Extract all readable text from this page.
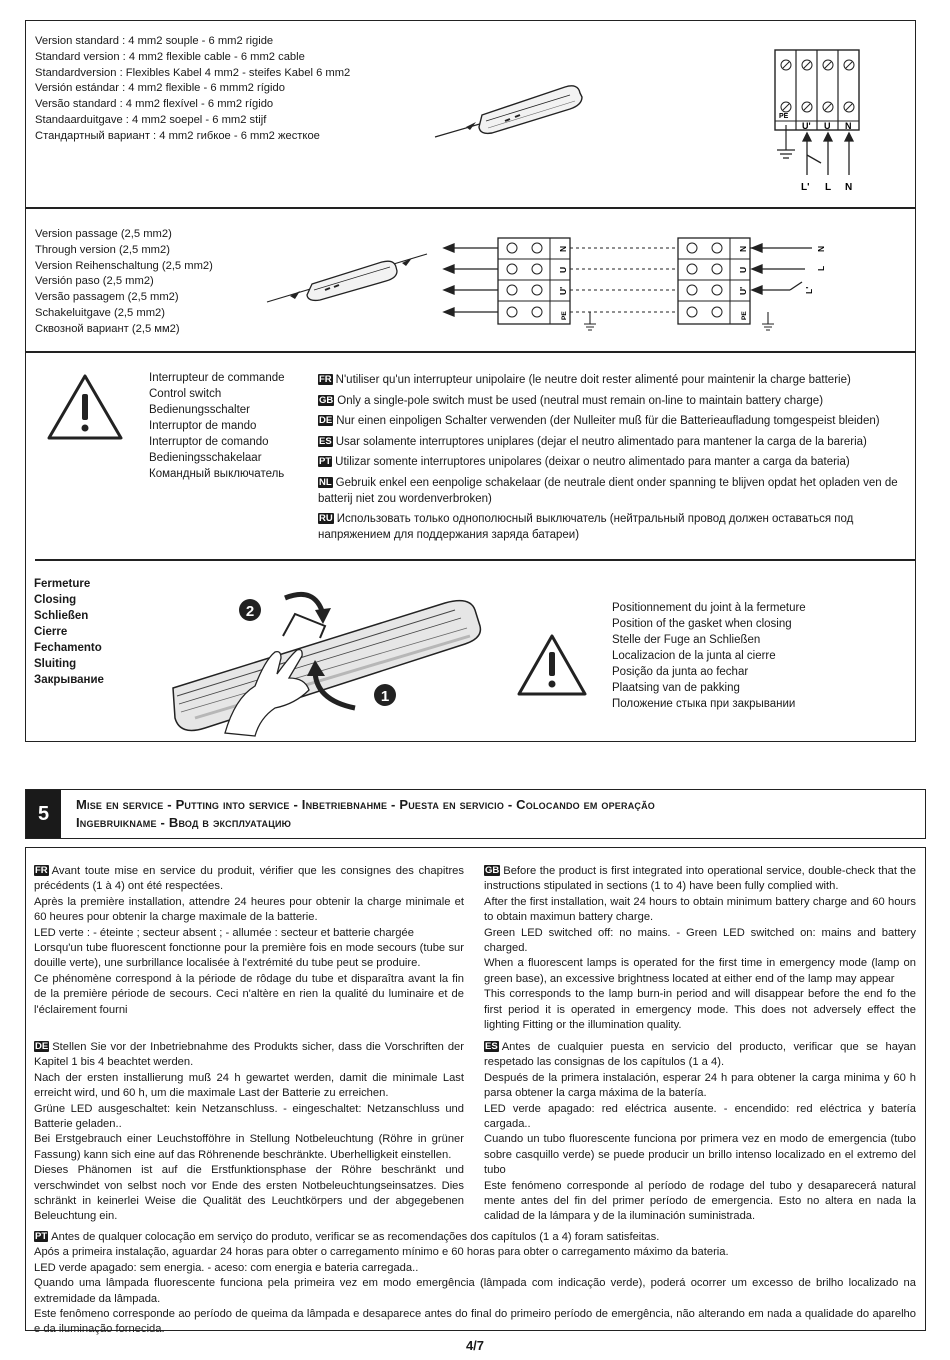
Version standard : 4 mm2 souple - 6 mm2 rigide
Standard version : 4 mm2 flexible cable - 6 mm2 cable
Standardversion : Flexibles Kabel 4 mm2 - steifes Kabel 6 mm2
Versión estándar : 4 mm2 flexible - 6 mmm2 rígido
Versão standard : 4 mm2 flexível - 6 mm2 rígido
Standaarduitgave : 4 mm2 soepel - 6 mm2 stijf
Стандартный вариант : 4 mm2 гибкое - 6 mm2 жесткое
PE
U' U N
L' L N
Version passage (2,5 mm2)
Through version (2,5 mm2)
Version Reihenschaltung (2,5 mm2)
Versión paso (2,5 mm2)
Versão passagem (2,5 mm2)
Schakeluitgave (2,5 mm2)
Сквозной вариант (2,5 мм2)
N
U
U'
PE
N
U
U'
PE
N
L
L'
Interrupteur de commande
Control switch
Bedienungsschalter
Interruptor de mando
Interruptor de comando
Bedieningsschakelaar
Командный выключатель
FR N'utiliser qu'un interrupteur unipolaire (le neutre doit rester alimenté pour maintenir la charge batterie)
GB Only a single-pole switch must be used (neutral must remain on-line to maintain battery charge)
DE Nur einen einpoligen Schalter verwenden (der Nulleiter muß für die Batterieaufladung tomgespeist bleiden)
ES Usar solamente interruptores uniplares (dejar el neutro alimentado para mantener la carga de la bareria)
PT Utilizar somente interruptores unipolares (deixar o neutro alimentado para manter a carga da bateria)
NL Gebruik enkel een eenpolige schakelaar (de neutrale dient onder spanning te blijven opdat het opladen ven de batterij niet zou wordenverbroken)
RU Использовать только однополюсный выключатель (нейтральный провод должен оставаться под напряжением для поддержания заряда батареи)
Fermeture
Closing
Schließen
Cierre
Fechamento
Sluiting
Закрывание
2
1
Positionnement du joint à la fermeture
Position of the gasket when closing
Stelle der Fuge an Schließen
Localizacion de la junta al cierre
Posição da junta ao fechar
Plaatsing van de pakking
Положение стыка при закрывании
5	Mise en service - Putting into service - Inbetriebnahme - Puesta en servicio - Colocando em operação
Ingebruikname - Ввод в эксплуатацию

FR Avant toute mise en service du produit, vérifier que les consignes des chapitres précédents (1 à 4) ont été respectées.

Après la première installation, attendre 24 heures pour obtenir la charge minimale et 60 heures pour obtenir la charge maximale de la batterie.

LED verte : - éteinte ; secteur absent ; - allumée : secteur et batterie chargée

Lorsqu'un tube fluorescent fonctionne pour la première fois en mode secours (tube sur douille verte), une surbrillance localisée à l'extrémité du tube peut se produire.

Ce phénomène correspond à la période de rôdage du tube et disparaîtra avant la fin de la première période de secours. Ceci n'altère en rien la qualité du luminaire et de l'éclairement fourni

GB Before the product is first integrated into operational service, double-check that the instructions stipulated in sections (1 to 4) have been fully complied with.

After the first installation, wait 24 hours to obtain minimum battery charge and 60 hours to obtain maximun battery charge.

Green LED switched off: no mains. - Green LED switched on: mains and battery charged.

When a fluorescent lamps is operated for the first time in emergency mode (lamp on green base), an excessive brightness located at either end of the lamp may appear

This corresponds to the lamp burn-in period and will disappear before the end fo the first period it is operated in emergency mode. This does not adversely effect the lighting Fitting or the illumination quality.

DE Stellen Sie vor der Inbetriebnahme des Produkts sicher, dass die Vorschriften der Kapitel 1 bis 4 beachtet werden.

Nach der ersten installierung muß 24 h gewartet werden, damit die minimale Last erreicht wird, und 60 h, um die maximale Last der Batterie zu erreichen.

Grüne LED ausgeschaltet: kein Netzanschluss. - eingeschaltet: Netzanschluss und Batterie geladen..

Bei Erstgebrauch einer Leuchstofföhre in Stellung Notbeleuchtung (Röhre in grüner Fassung) kann sich eine auf das Röhrenende beschränkte. Uberhelligkeit einstellen.

Dieses Phänomen ist auf die Erstfunktionsphase der Röhre beschränkt und verschwindet von selbst noch vor Ende des ersten Notbeleuchtungseinsatzes. Dies schränkt in keinerlei Weise die Qualität des Leuchtkörpers und der abgegebenen Beleuchtung ein.

ES Antes de cualquier puesta en servicio del producto, verificar que se hayan respetado las consignas de los capítulos (1 a 4).

Después de la primera instalación, esperar 24 h para obtener la carga minima y 60 h parsa obtener la carga máxima de la batería.

LED verde apagado: red eléctrica ausente. - encendido: red eléctrica y batería cargada..

Cuando un tubo fluorescente funciona por primera vez en modo de emergencia (tubo sobre casquillo verde) se puede producir un brillo intenso localizado en el extremo del tubo

Este fenómeno corresponde al período de rodage del tubo y desaparecerá natural mente antes del fin del primer período de emergencia. Esto no altera en nada la calidad de la lámpara y de la iluminación suministrada.

PT Antes de qualquer colocação em serviço do produto, verificar se as recomendações dos capítulos (1 a 4) foram satisfeitas.

Após a primeira instalação, aguardar 24 horas para obter o carregamento mínimo e 60 horas para obter o carregamento máximo da bateria.

LED verde apagado: sem energia. - aceso: com energia e bateria carregada..

Quando uma lâmpada fluorescente funciona pela primeira vez em modo emergência (lâmpada com indicação verde), poderá ocorrer um excesso de brilho localizado na extremidade da lâmpada.

Este fenômeno corresponde ao período de queima da lâmpada e desaparece antes do final do primeiro período de emergência, não alterando em nada a qualidade do aparelho e da iluminação fornecida.

4/7
